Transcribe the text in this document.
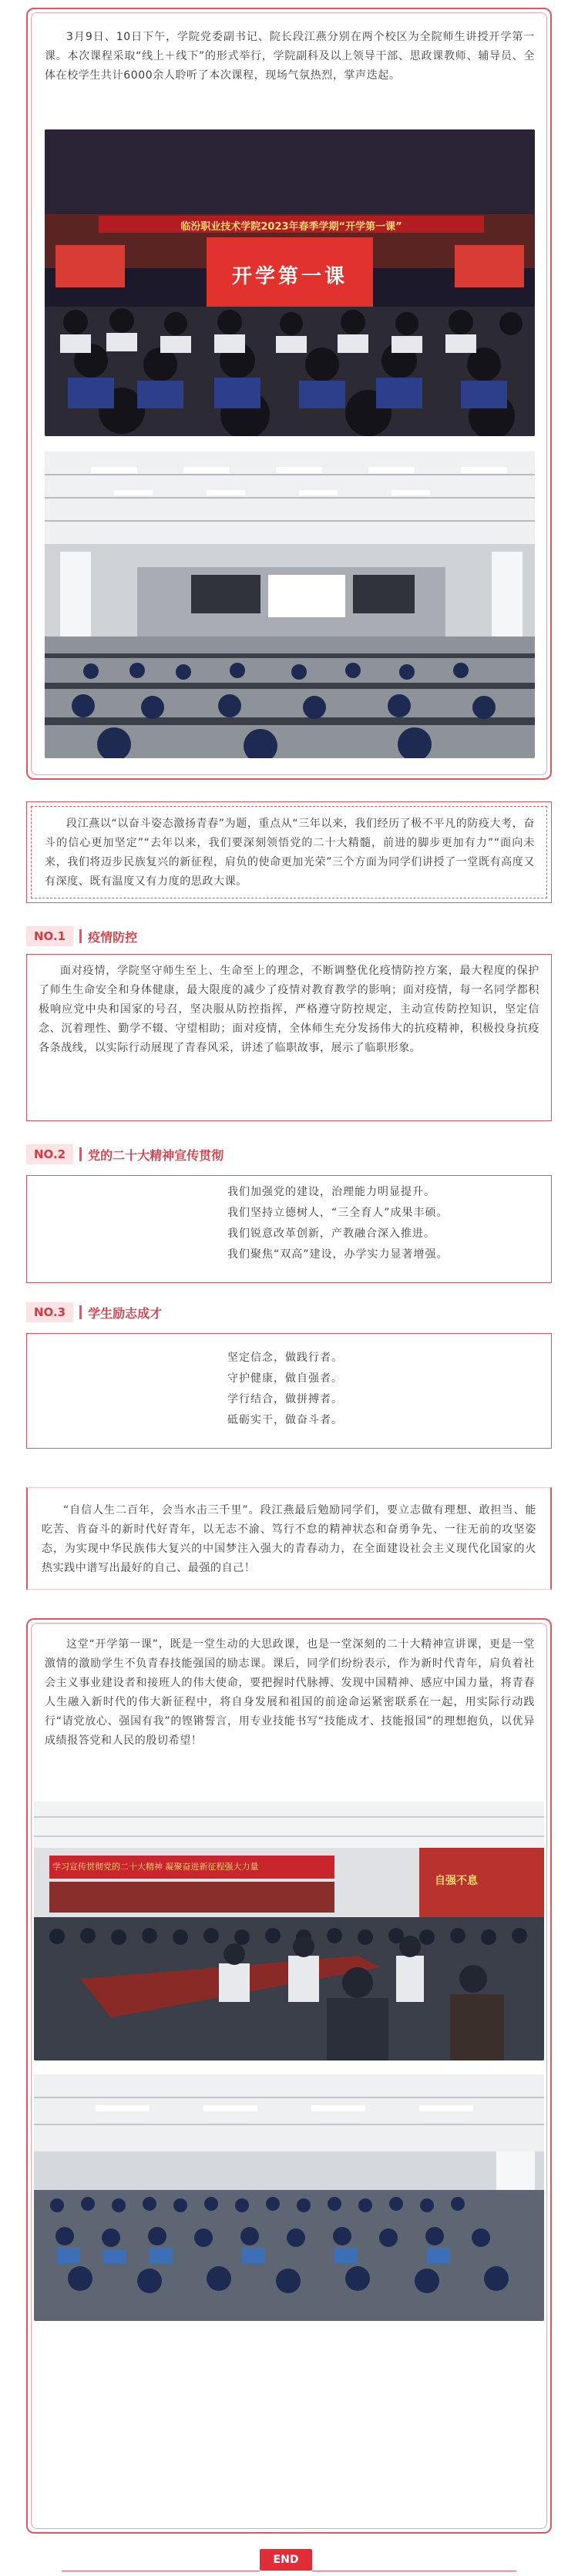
3月9日、10日下午，学院党委副书记、院长段江燕分别在两个校区为全院师生讲授开学第一课。本次课程采取“线上＋线下”的形式举行，学院副科及以上领导干部、思政课教师、辅导员、全体在校学生共计6000余人聆听了本次课程，现场气氛热烈，掌声迭起。

临汾职业技术学院2023年春季学期“开学第一课”
开学第一课

段江燕以“以奋斗姿态激扬青春”为题，重点从“三年以来，我们经历了极不平凡的防疫大考，奋斗的信心更加坚定”“去年以来，我们要深刻领悟党的二十大精髓，前进的脚步更加有力”“面向未来，我们将迈步民族复兴的新征程，肩负的使命更加光荣”三个方面为同学们讲授了一堂既有高度又有深度、既有温度又有力度的思政大课。

NO.1	疫情防控

面对疫情，学院坚守师生至上、生命至上的理念，不断调整优化疫情防控方案，最大程度的保护了师生生命安全和身体健康，最大限度的减少了疫情对教育教学的影响；面对疫情，每一名同学都积极响应党中央和国家的号召，坚决服从防控指挥，严格遵守防控规定，主动宣传防控知识，坚定信念、沉着理性、勤学不辍、守望相助；面对疫情，全体师生充分发扬伟大的抗疫精神，积极投身抗疫各条战线，以实际行动展现了青春风采，讲述了临职故事，展示了临职形象。

NO.2	党的二十大精神宣传贯彻
我们加强党的建设，治理能力明显提升。
我们坚持立德树人，“三全育人”成果丰硕。
我们锐意改革创新，产教融合深入推进。
我们聚焦“双高”建设，办学实力显著增强。
NO.3	学生励志成才
坚定信念，做践行者。
守护健康，做自强者。
学行结合，做拼搏者。
砥砺实干，做奋斗者。

“自信人生二百年，会当水击三千里”。段江燕最后勉励同学们，要立志做有理想、敢担当、能吃苦、肯奋斗的新时代好青年，以无志不渝、笃行不怠的精神状态和奋勇争先、一往无前的攻坚姿态，为实现中华民族伟大复兴的中国梦注入强大的青春动力，在全面建设社会主义现代化国家的火热实践中谱写出最好的自己、最强的自己！

这堂“开学第一课”，既是一堂生动的大思政课，也是一堂深刻的二十大精神宣讲课，更是一堂激情的激励学生不负青春技能强国的励志课。课后，同学们纷纷表示，作为新时代青年，肩负着社会主义事业建设者和接班人的伟大使命，要把握时代脉搏、发现中国精神、感应中国力量，将青春人生融入新时代的伟大新征程中，将自身发展和祖国的前途命运紧密联系在一起，用实际行动践行“请党放心、强国有我”的铿锵誓言，用专业技能书写“技能成才、技能报国”的理想抱负，以优异成绩报答党和人民的殷切希望！

学习宣传贯彻党的二十大精神 凝聚奋进新征程强大力量
自强不息
END
